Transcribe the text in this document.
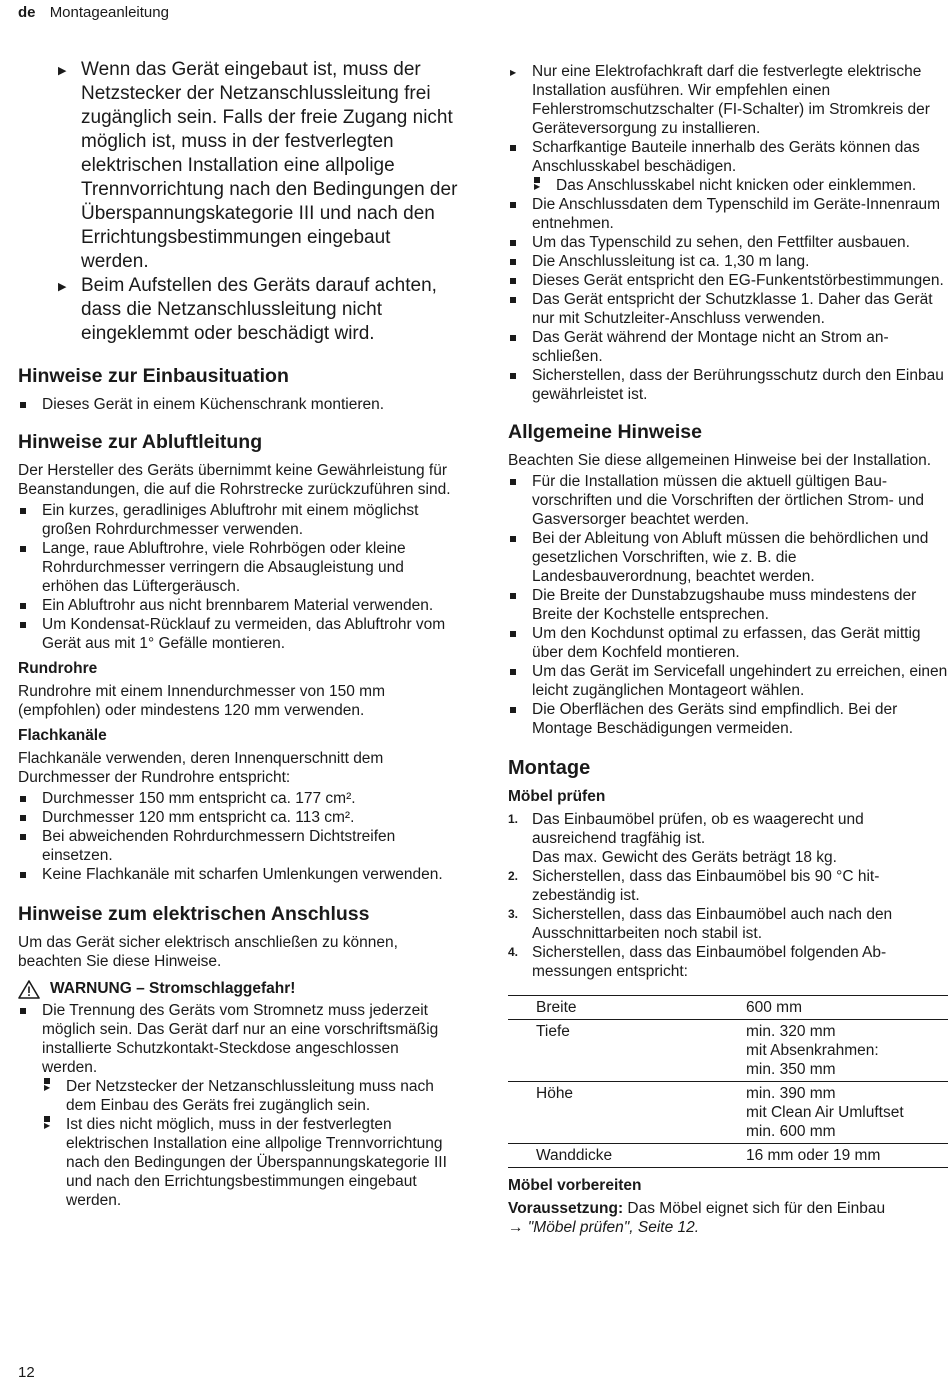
de Montageanleitung
▶ Wenn das Gerät eingebaut ist, muss der Netzstecker der Netzanschlussleitung frei zugänglich sein. Falls der freie Zugang nicht möglich ist, muss in der festverlegten elektrischen Installation eine allpolige Trennvorrichtung nach den Bedingungen der Überspannungskategorie III und nach den Errichtungsbestimmungen eingebaut werden.
▶ Beim Aufstellen des Geräts darauf achten, dass die Netzanschlussleitung nicht eingeklemmt oder beschädigt wird.
Hinweise zur Einbausituation
Dieses Gerät in einem Küchenschrank montieren.
Hinweise zur Abluftleitung

Der Hersteller des Geräts übernimmt keine Gewährleistung für Beanstandungen, die auf die Rohrstrecke zurückzuführen sind.

Ein kurzes, geradliniges Abluftrohr mit einem möglichst großen Rohrdurchmesser verwenden.
Lange, raue Abluftrohre, viele Rohrbögen oder kleine Rohrdurchmesser verringern die Absaugleistung und erhöhen das Lüftergeräusch.
Ein Abluftrohr aus nicht brennbarem Material verwenden.
Um Kondensat-Rücklauf zu vermeiden, das Abluftrohr vom Gerät aus mit 1° Gefälle montieren.
Rundrohre

Rundrohre mit einem Innendurchmesser von 150 mm (empfohlen) oder mindestens 120 mm verwenden.

Flachkanäle

Flachkanäle verwenden, deren Innenquerschnitt dem Durchmesser der Rundrohre entspricht:

Durchmesser 150 mm entspricht ca. 177 cm².
Durchmesser 120 mm entspricht ca. 113 cm².
Bei abweichenden Rohrdurchmessern Dichtstreifen einsetzen.
Keine Flachkanäle mit scharfen Umlenkungen verwenden.
Hinweise zum elektrischen Anschluss

Um das Gerät sicher elektrisch anschließen zu können, beachten Sie diese Hinweise.

WARNUNG – Stromschlaggefahr!
Die Trennung des Geräts vom Stromnetz muss jederzeit möglich sein. Das Gerät darf nur an eine vorschriftsmäßig installierte Schutzkontakt-Steckdose angeschlossen werden.
▶ Der Netzstecker der Netzanschlussleitung muss nach dem Einbau des Geräts frei zugänglich sein.
▶ Ist dies nicht möglich, muss in der festverlegten elektrischen Installation eine allpolige Trennvorrichtung nach den Bedingungen der Überspannungskategorie III und nach den Errichtungsbestimmungen eingebaut werden.
▶ Nur eine Elektrofachkraft darf die festverlegte elektrische Installation ausführen. Wir empfehlen einen Fehlerstromschutzschalter (FI-Schalter) im Stromkreis der Geräteversorgung zu installieren.
Scharfkantige Bauteile innerhalb des Geräts können das Anschlusskabel beschädigen.
▶ Das Anschlusskabel nicht knicken oder einklemmen.
Die Anschlussdaten dem Typenschild im Geräte-Innenraum entnehmen.
Um das Typenschild zu sehen, den Fettfilter ausbauen.
Die Anschlussleitung ist ca. 1,30 m lang.
Dieses Gerät entspricht den EG-Funkentstörbestimmungen.
Das Gerät entspricht der Schutzklasse 1. Daher das Gerät nur mit Schutzleiter-Anschluss verwenden.
Das Gerät während der Montage nicht an Strom anschließen.
Sicherstellen, dass der Berührungsschutz durch den Einbau gewährleistet ist.
Allgemeine Hinweise

Beachten Sie diese allgemeinen Hinweise bei der Installation.

Für die Installation müssen die aktuell gültigen Bauvorschriften und die Vorschriften der örtlichen Strom- und Gasversorger beachtet werden.
Bei der Ableitung von Abluft müssen die behördlichen und gesetzlichen Vorschriften, wie z. B. die Landesbauverordnung, beachtet werden.
Die Breite der Dunstabzugshaube muss mindestens der Breite der Kochstelle entsprechen.
Um den Kochdunst optimal zu erfassen, das Gerät mittig über dem Kochfeld montieren.
Um das Gerät im Servicefall ungehindert zu erreichen, einen leicht zugänglichen Montageort wählen.
Die Oberflächen des Geräts sind empfindlich. Bei der Montage Beschädigungen vermeiden.
Montage
Möbel prüfen
1. Das Einbaumöbel prüfen, ob es waagerecht und ausreichend tragfähig ist.
Das max. Gewicht des Geräts beträgt 18 kg.
2. Sicherstellen, dass das Einbaumöbel bis 90 °C hitzebeständig ist.
3. Sicherstellen, dass das Einbaumöbel auch nach den Ausschnittarbeiten noch stabil ist.
4. Sicherstellen, dass das Einbaumöbel folgenden Abmessungen entspricht:
Breite	600 mm

Tiefe	min. 320 mm
mit Absenkrahmen:
min. 350 mm

Höhe	min. 390 mm
mit Clean Air Umluftset
min. 600 mm

Wanddicke	16 mm oder 19 mm
Möbel vorbereiten

Voraussetzung: Das Möbel eignet sich für den Einbau
→ "Möbel prüfen", Seite 12.

12
